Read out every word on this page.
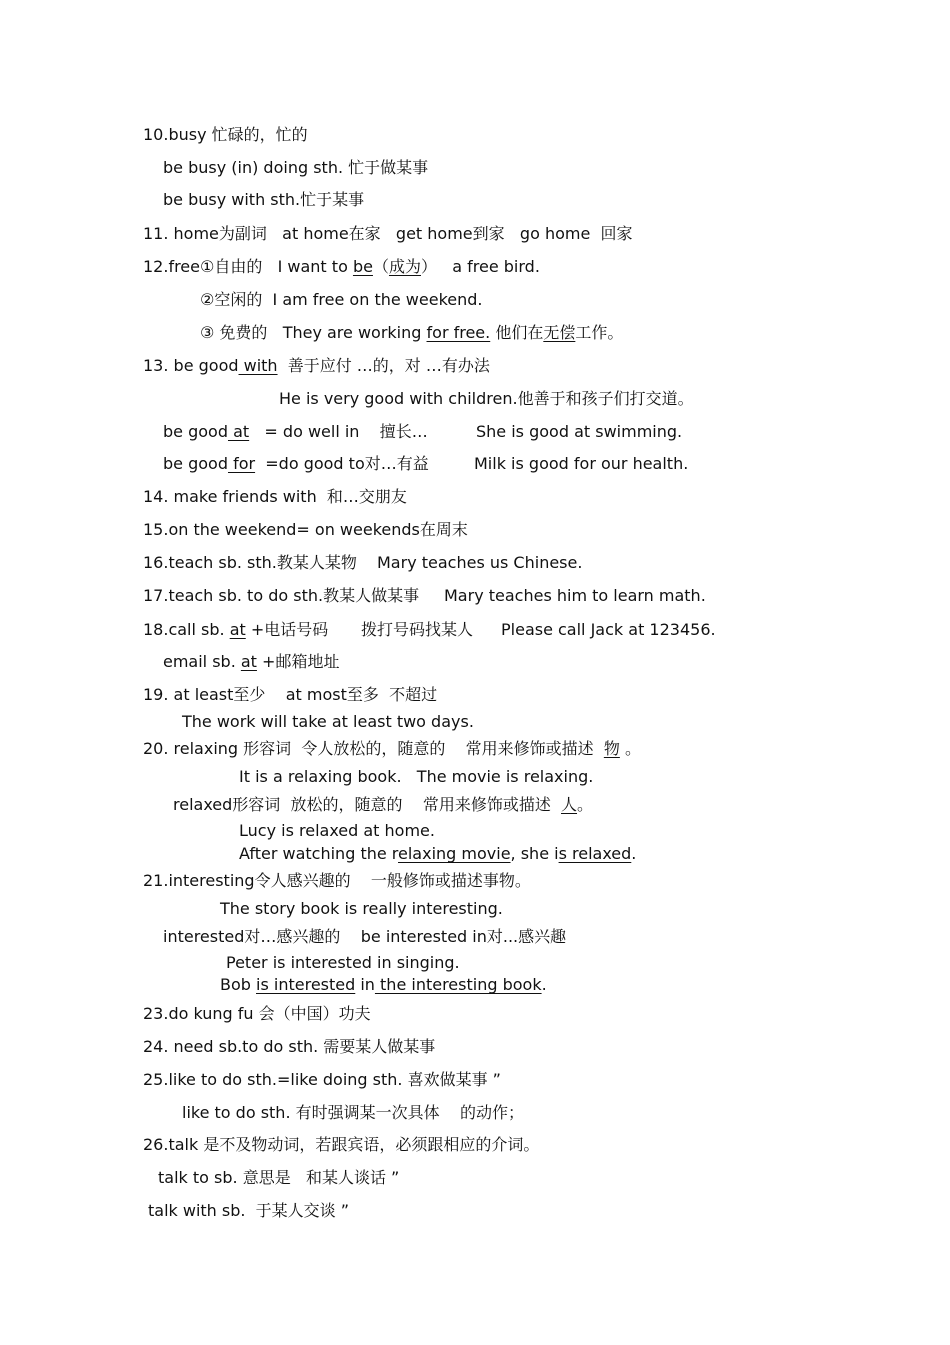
10.busy 忙碌的，忙的
be busy (in) doing sth. 忙于做某事
be busy with sth.忙于某事
11. home为副词   at home在家   get home到家   go home  回家
12.free①自由的   I want to be（成为）   a free bird.
②空闲的  I am free on the weekend.
③ 免费的   They are working for free. 他们在无偿工作。
13. be good with  善于应付 …的，对 …有办法
He is very good with children.他善于和孩子们打交道。
be good at   = do well in    擅长…	She is good at swimming.
be good for  =do good to对…有益	Milk is good for our health.
14. make friends with  和…交朋友
15.on the weekend= on weekends在周末
16.teach sb. sth.教某人某物 Mary teaches us Chinese.
17.teach sb. to do sth.教某人做某事 Mary teaches him to learn math.
18.call sb. at +电话号码 拨打号码找某人 Please call Jack at 123456.
email sb. at +邮箱地址
19. at least至少    at most至多  不超过
The work will take at least two days.
20. relaxing 形容词  令人放松的，随意的    常用来修饰或描述  物 。
It is a relaxing book.   The movie is relaxing.
relaxed形容词  放松的，随意的    常用来修饰或描述  人。
Lucy is relaxed at home.
After watching the relaxing movie, she is relaxed.
21.interesting令人感兴趣的    一般修饰或描述事物。
The story book is really interesting.
interested对…感兴趣的    be interested in对...感兴趣
Peter is interested in singing.
Bob is interested in the interesting book.
23.do kung fu 会（中国）功夫
24. need sb.to do sth. 需要某人做某事
25.like to do sth.=like doing sth. 喜欢做某事 ”
like to do sth. 有时强调某一次具体    的动作；
26.talk 是不及物动词，若跟宾语，必须跟相应的介词。
talk to sb. 意思是   和某人谈话 ”
talk with sb.  于某人交谈 ”
